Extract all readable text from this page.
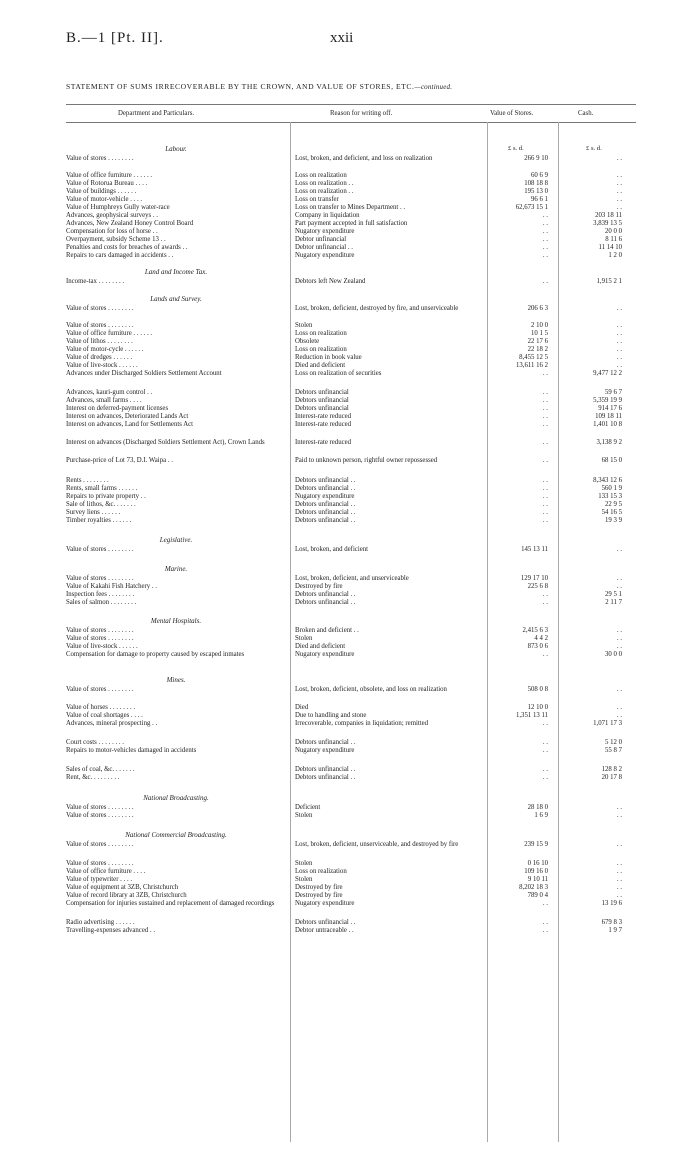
B.—1 [Pt. II].	xxii
STATEMENT OF SUMS IRRECOVERABLE BY THE CROWN, AND VALUE OF STORES, ETC.—continued.
Department and Particulars.	Reason for writing off.	Value of Stores.	Cash.
£ s. d.	£ s. d.
Labour.
Value of stores . . . . . . . .	Lost, broken, and deficient, and loss on realization	266 9 10	. .
Value of office furniture . . . . . .	Loss on realization	60 6 9	. .
Value of Rotorua Bureau . . . .	Loss on realization . .	108 18 8	. .
Value of buildings . . . . . .	Loss on realization . .	195 13 0	. .
Value of motor-vehicle . . . .	Loss on transfer	96 6 1	. .
Value of Humphreys Gully water-race	Loss on transfer to Mines Department . .	62,673 15 1	. .
Advances, geophysical surveys . .	Company in liquidation	. .	203 18 11
Advances, New Zealand Honey Control Board	Part payment accepted in full satisfaction	. .	3,839 13 5
Compensation for loss of horse . .	Nugatory expenditure	. .	20 0 0
Overpayment, subsidy Scheme 13 . .	Debtor unfinancial	. .	8 11 6
Penalties and costs for breaches of awards . .	Debtor unfinancial . .	. .	11 14 10
Repairs to cars damaged in accidents . .	Nugatory expenditure	. .	1 2 0
Land and Income Tax.
Income-tax . . . . . . . .	Debtors left New Zealand	. .	1,915 2 1
Lands and Survey.
Value of stores . . . . . . . .	Lost, broken, deficient, destroyed by fire, and unserviceable	206 6 3	. .
Value of stores . . . . . . . .	Stolen	2 10 0	. .
Value of office furniture . . . . . .	Loss on realization	10 1 5	. .
Value of lithos . . . . . . . .	Obsolete	22 17 6	. .
Value of motor-cycle . . . . . .	Loss on realization	22 18 2	. .
Value of dredges . . . . . .	Reduction in book value	8,455 12 5	. .
Value of live-stock . . . . . .	Died and deficient	13,611 16 2	. .
Advances under Discharged Soldiers Settlement Account	Loss on realization of securities	. .	9,477 12 2
Advances, kauri-gum control . .	Debtors unfinancial	. .	59 6 7
Advances, small farms . . . .	Debtors unfinancial	. .	5,359 19 9
Interest on deferred-payment licenses	Debtors unfinancial	. .	914 17 6
Interest on advances, Deteriorated Lands Act	Interest-rate reduced	. .	109 18 11
Interest on advances, Land for Settlements Act	Interest-rate reduced	. .	1,401 10 8
Interest on advances (Discharged Soldiers Settlement Act), Crown Lands	Interest-rate reduced	. .	3,138 9 2
Purchase-price of Lot 73, D.I. Waipa . .	Paid to unknown person, rightful owner repossessed	. .	68 15 0
Rents . . . . . . . .	Debtors unfinancial . .	. .	8,343 12 6
Rents, small farms . . . . . .	Debtors unfinancial . .	. .	560 1 9
Repairs to private property . .	Nugatory expenditure	. .	133 15 3
Sale of lithos, &c. . . . . . .	Debtors unfinancial . .	. .	22 9 5
Survey liens . . . . . .	Debtors unfinancial . .	. .	54 16 5
Timber royalties . . . . . .	Debtors unfinancial . .	. .	19 3 9
Legislative.
Value of stores . . . . . . . .	Lost, broken, and deficient	145 13 11	. .
Marine.
Value of stores . . . . . . . .	Lost, broken, deficient, and unserviceable	129 17 10	. .
Value of Kakahi Fish Hatchery . .	Destroyed by fire	225 6 8	. .
Inspection fees . . . . . . . .	Debtors unfinancial . .	. .	29 5 1
Sales of salmon . . . . . . . .	Debtors unfinancial . .	. .	2 11 7
Mental Hospitals.
Value of stores . . . . . . . .	Broken and deficient . .	2,415 6 3	. .
Value of stores . . . . . . . .	Stolen	4 4 2	. .
Value of live-stock . . . . . .	Died and deficient	873 0 6	. .
Compensation for damage to property caused by escaped inmates	Nugatory expenditure	. .	30 0 0
Mines.
Value of stores . . . . . . . .	Lost, broken, deficient, obsolete, and loss on realization	508 0 8	. .
Value of horses . . . . . . . .	Died	12 10 0	. .
Value of coal shortages . . . .	Due to handling and stone	1,351 13 11	. .
Advances, mineral prospecting . .	Irrecoverable, companies in liquidation; remitted	. .	1,071 17 3
Court costs . . . . . . . .	Debtors unfinancial . .	. .	5 12 0
Repairs to motor-vehicles damaged in accidents	Nugatory expenditure	. .	55 8 7
Sales of coal, &c. . . . . . .	Debtors unfinancial . .	. .	128 8 2
Rent, &c. . . . . . . . .	Debtors unfinancial . .	. .	20 17 8
National Broadcasting.
Value of stores . . . . . . . .	Deficient	28 18 0	. .
Value of stores . . . . . . . .	Stolen	1 6 9	. .
National Commercial Broadcasting.
Value of stores . . . . . . . .	Lost, broken, deficient, unserviceable, and destroyed by fire	239 15 9	. .
Value of stores . . . . . . . .	Stolen	0 16 10	. .
Value of office furniture . . . .	Loss on realization	109 16 0	. .
Value of typewriter . . . .	Stolen	9 10 11	. .
Value of equipment at 3ZB, Christchurch	Destroyed by fire	8,202 18 3	. .
Value of record library at 3ZB, Christchurch	Destroyed by fire	789 0 4	. .
Compensation for injuries sustained and replacement of damaged recordings	Nugatory expenditure	. .	13 19 6
Radio advertising . . . . . .	Debtors unfinancial . .	. .	679 8 3
Travelling-expenses advanced . .	Debtor untraceable . .	. .	1 9 7
